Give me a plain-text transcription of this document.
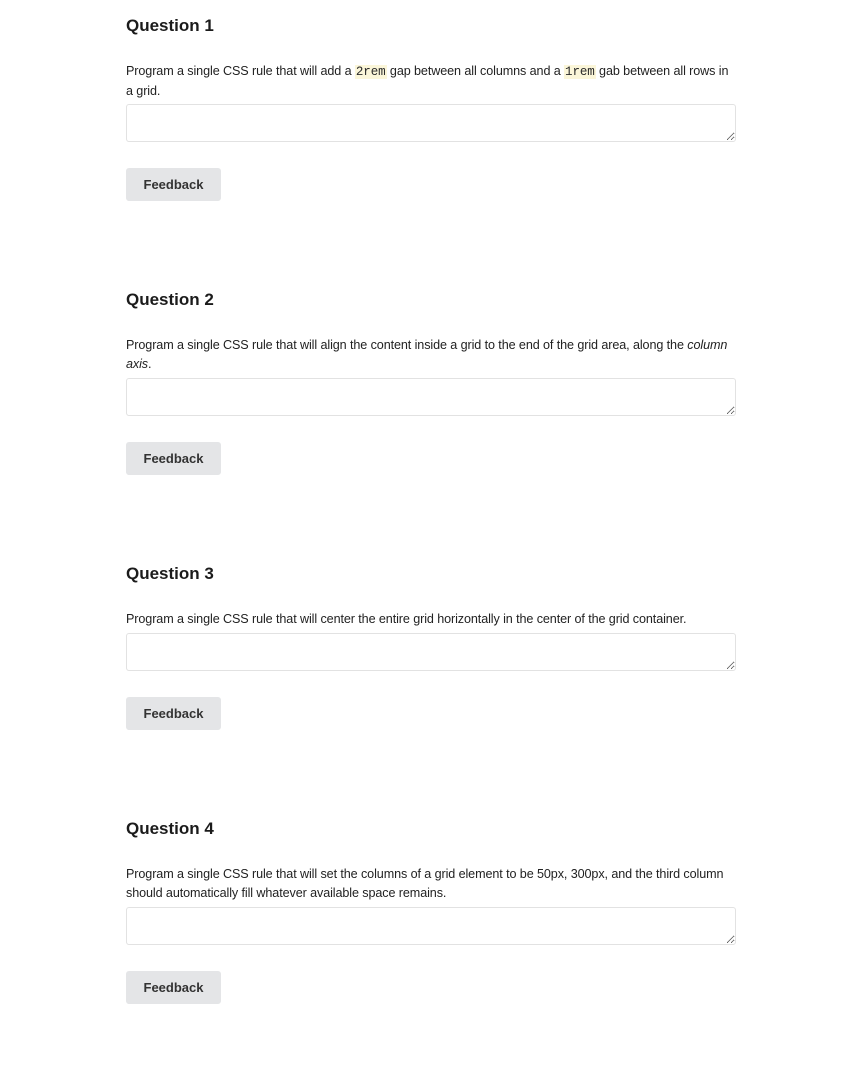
Question 1

Program a single CSS rule that will add a 2rem gap between all columns and a 1rem gab between all rows in a grid.

Feedback
Question 2

Program a single CSS rule that will align the content inside a grid to the end of the grid area, along the column axis.

Feedback
Question 3

Program a single CSS rule that will center the entire grid horizontally in the center of the grid container.

Feedback
Question 4

Program a single CSS rule that will set the columns of a grid element to be 50px, 300px, and the third column should automatically fill whatever available space remains.

Feedback
